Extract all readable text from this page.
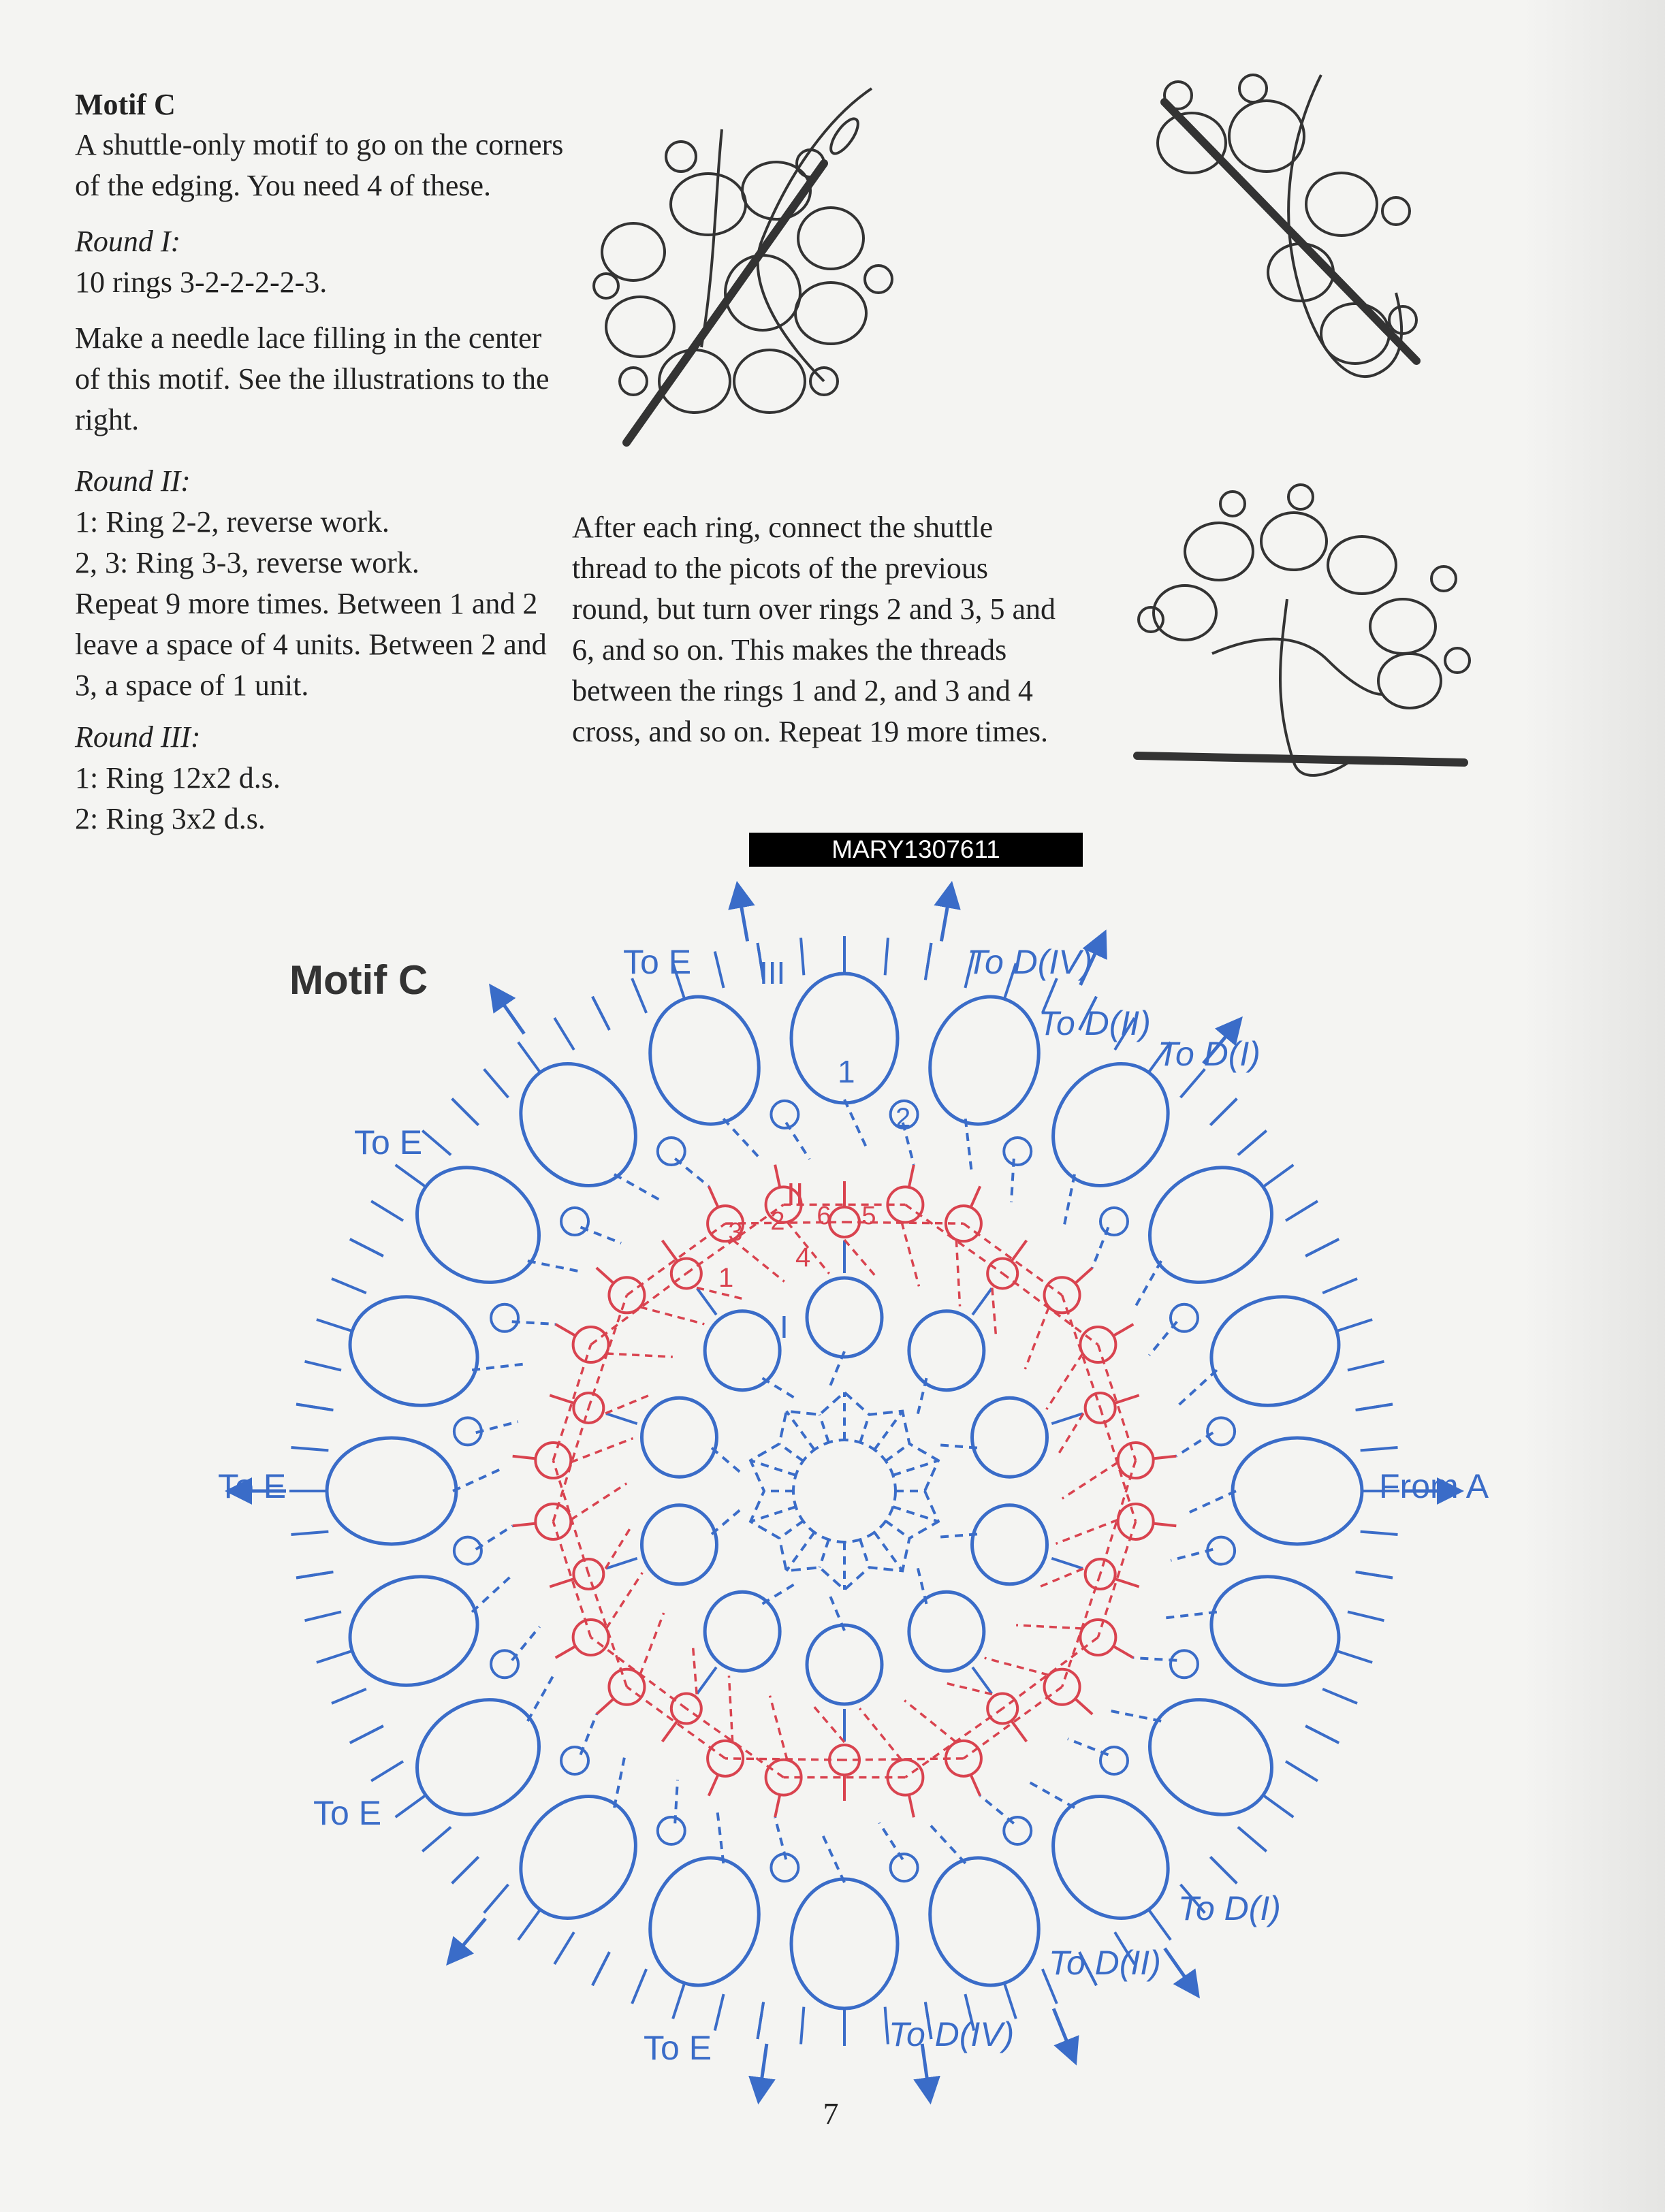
Motif C

A shuttle-only motif to go on the corners of the edging. You need 4 of these.

Round I:

10 rings 3-2-2-2-2-3.

Make a needle lace filling in the center of this motif. See the illustrations to the right.

Round II:

1: Ring 2-2, reverse work.

2, 3: Ring 3-3, reverse work.

Repeat 9 more times. Between 1 and 2 leave a space of 4 units. Between 2 and 3, a space of 1 unit.

Round III:

1: Ring 12x2 d.s.

2: Ring 3x2 d.s.

After each ring, connect the shuttle thread to the picots of the previous round, but turn over rings 2 and 3, 5 and 6, and so on. This makes the threads between the rings 1 and 2, and 3 and 4 cross, and so on. Repeat 19 more times.

MARY1307611
Motif C	To E	To D(IV)
To D(II)
To D(I)
To E
To E	From A
To E
To D(I)
To D(II)
To E	To D(IV)
III
II
I
1
2
1
4
3 2 6 5
7
